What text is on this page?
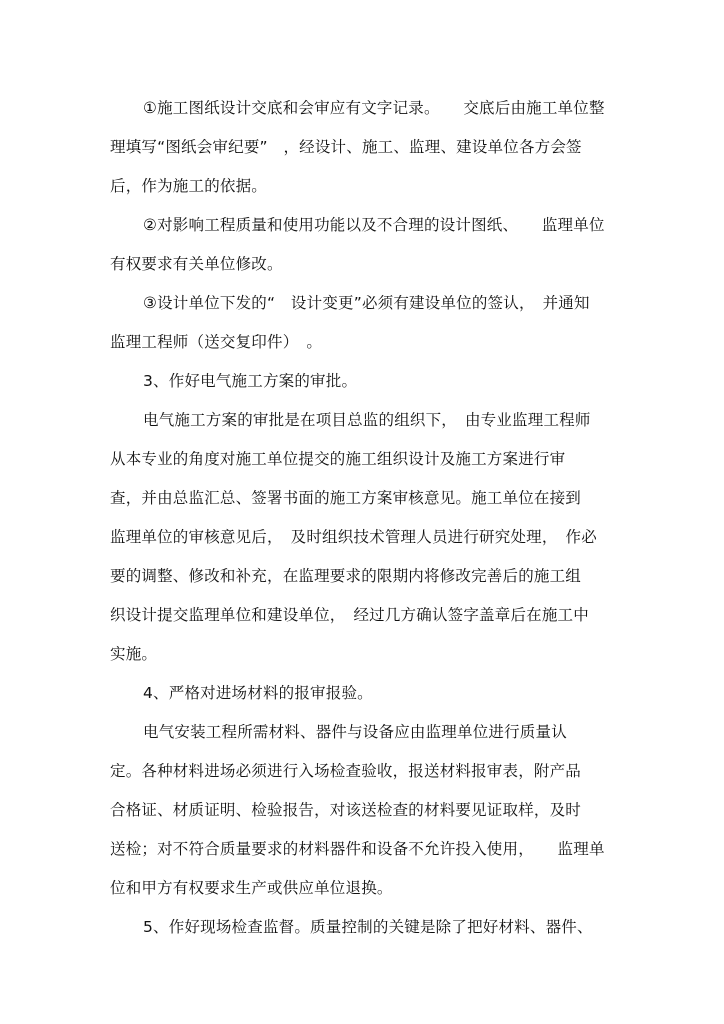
①施工图纸设计交底和会审应有文字记录。　　交底后由施工单位整
理填写“图纸会审纪要”　，经设计、施工、监理、建设单位各方会签
后，作为施工的依据。
②对影响工程质量和使用功能以及不合理的设计图纸、　　监理单位
有权要求有关单位修改。
③设计单位下发的“　设计变更”必须有建设单位的签认，　并通知
监理工程师（送交复印件）　。
3、作好电气施工方案的审批。
电气施工方案的审批是在项目总监的组织下，　由专业监理工程师
从本专业的角度对施工单位提交的施工组织设计及施工方案进行审
查，并由总监汇总、签署书面的施工方案审核意见。施工单位在接到
监理单位的审核意见后，　及时组织技术管理人员进行研究处理，　作必
要的调整、修改和补充，在监理要求的限期内将修改完善后的施工组
织设计提交监理单位和建设单位，　经过几方确认签字盖章后在施工中
实施。
4、严格对进场材料的报审报验。
电气安装工程所需材料、器件与设备应由监理单位进行质量认
定。各种材料进场必须进行入场检查验收，报送材料报审表，附产品
合格证、材质证明、检验报告，对该送检查的材料要见证取样，及时
送检；对不符合质量要求的材料器件和设备不允许投入使用，　　监理单
位和甲方有权要求生产或供应单位退换。
5、作好现场检查监督。质量控制的关键是除了把好材料、器件、
